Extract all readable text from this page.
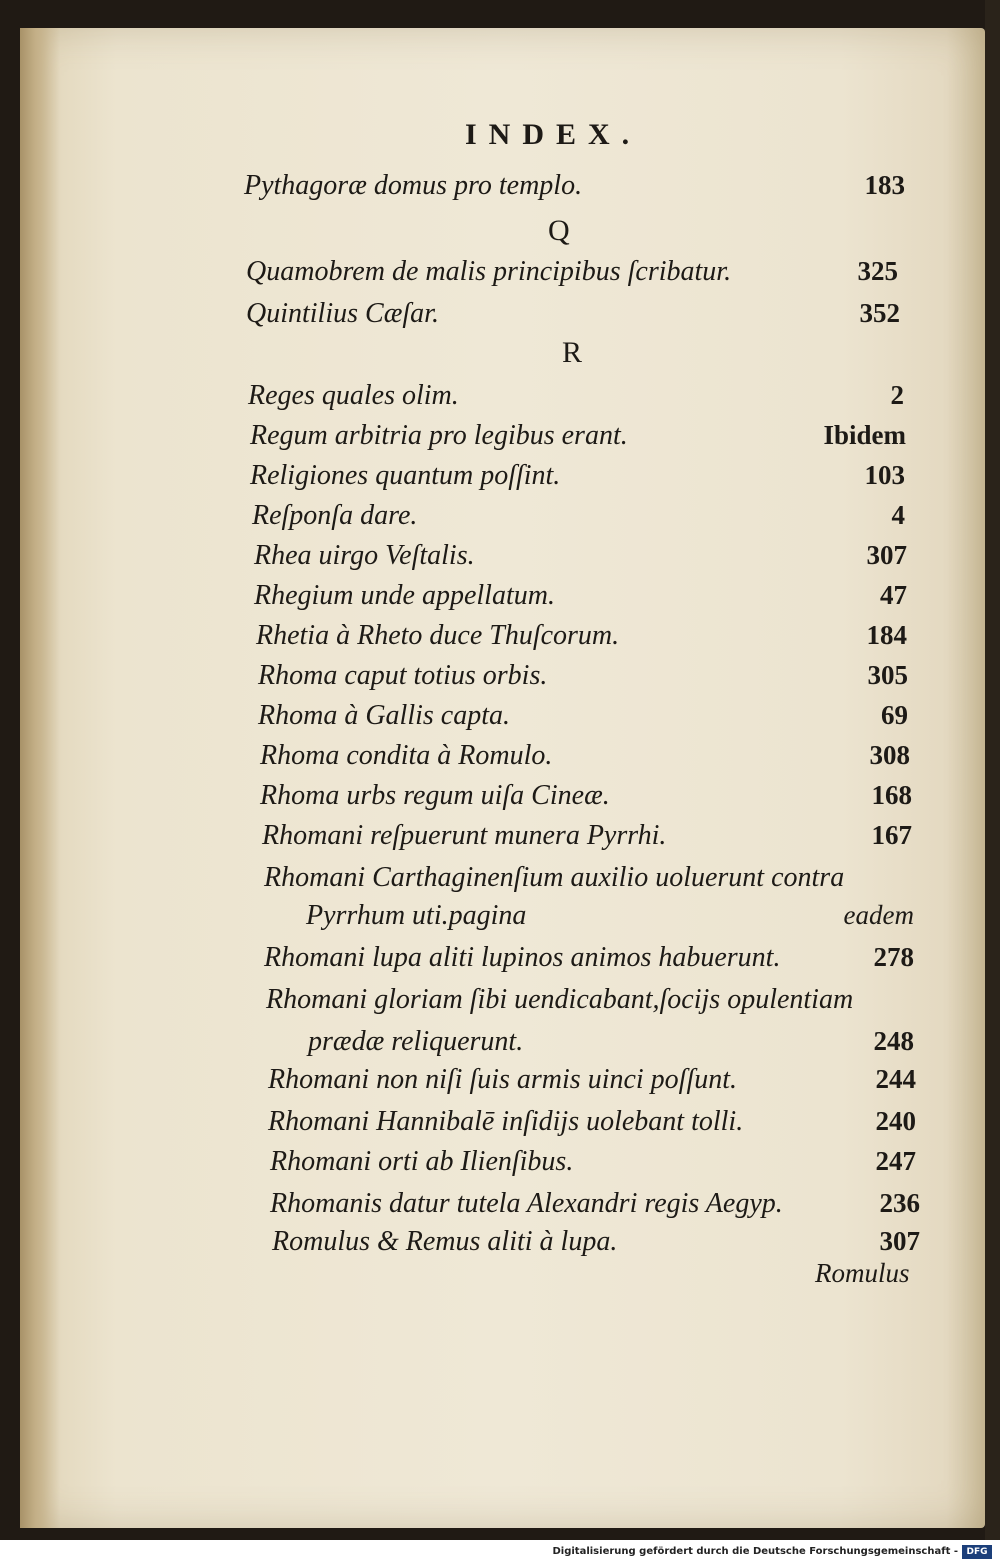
INDEX.
Q
R
Pythagoræ domus pro templo.	183
Quamobrem de malis principibus ſcribatur.	325
Quintilius Cæſar.	352
Reges quales olim.	2
Regum arbitria pro legibus erant.	Ibidem
Religiones quantum poſſint.	103
Reſponſa dare.	4
Rhea uirgo Veſtalis.	307
Rhegium unde appellatum.	47
Rhetia à Rheto duce Thuſcorum.	184
Rhoma caput totius orbis.	305
Rhoma à Gallis capta.	69
Rhoma condita à Romulo.	308
Rhoma urbs regum uiſa Cineæ.	168
Rhomani reſpuerunt munera Pyrrhi.	167
Rhomani Carthaginenſium auxilio uoluerunt contra
Pyrrhum uti.pagina	eadem
Rhomani lupa aliti lupinos animos habuerunt.	278
Rhomani gloriam ſibi uendicabant,ſocijs opulentiam
prædæ reliquerunt.	248
Rhomani non niſi ſuis armis uinci poſſunt.	244
Rhomani Hannibalē inſidijs uolebant tolli.	240
Rhomani orti ab Ilienſibus.	247
Rhomanis datur tutela Alexandri regis Aegyp.	236
Romulus & Remus aliti à lupa.	307
Romulus
Digitalisierung gefördert durch die Deutsche Forschungsgemeinschaft - DFG
